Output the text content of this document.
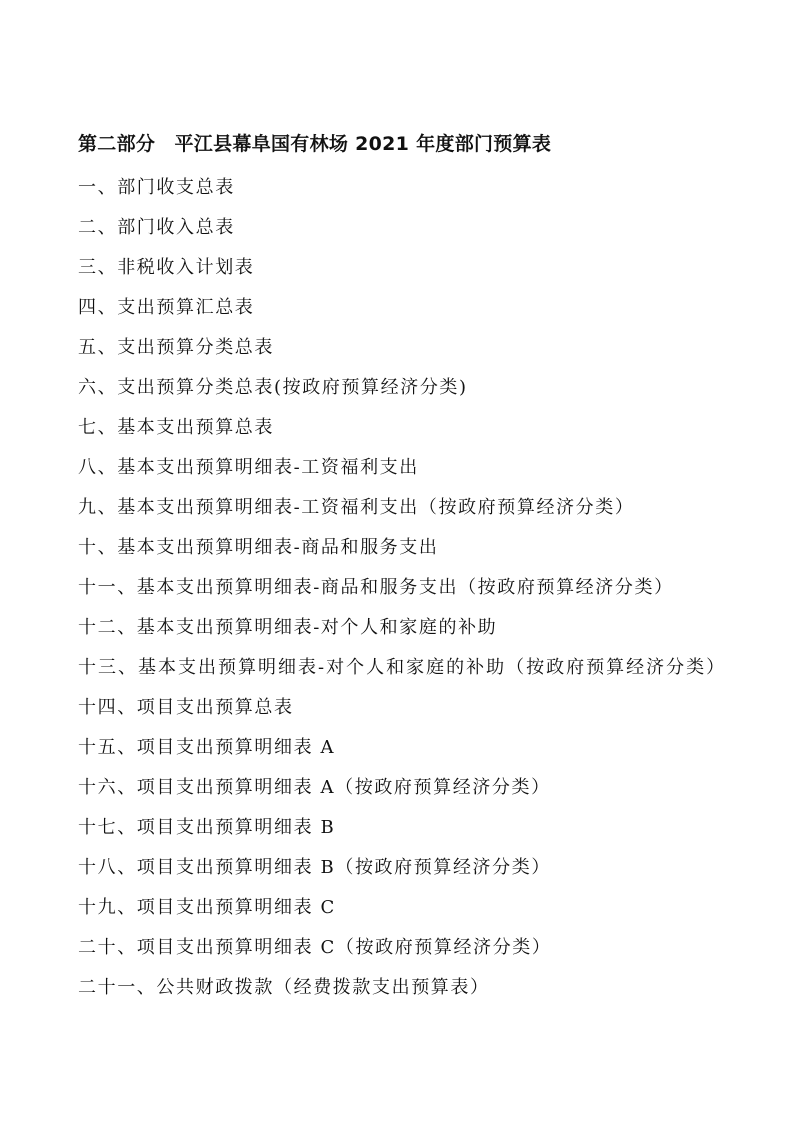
第二部分　平江县幕阜国有林场 2021 年度部门预算表
一、部门收支总表
二、部门收入总表
三、非税收入计划表
四、支出预算汇总表
五、支出预算分类总表
六、支出预算分类总表(按政府预算经济分类)
七、基本支出预算总表
八、基本支出预算明细表-工资福利支出
九、基本支出预算明细表-工资福利支出（按政府预算经济分类）
十、基本支出预算明细表-商品和服务支出
十一、基本支出预算明细表-商品和服务支出（按政府预算经济分类）
十二、基本支出预算明细表-对个人和家庭的补助
十三、基本支出预算明细表-对个人和家庭的补助（按政府预算经济分类）
十四、项目支出预算总表
十五、项目支出预算明细表 A
十六、项目支出预算明细表 A（按政府预算经济分类）
十七、项目支出预算明细表 B
十八、项目支出预算明细表 B（按政府预算经济分类）
十九、项目支出预算明细表 C
二十、项目支出预算明细表 C（按政府预算经济分类）
二十一、公共财政拨款（经费拨款支出预算表）
